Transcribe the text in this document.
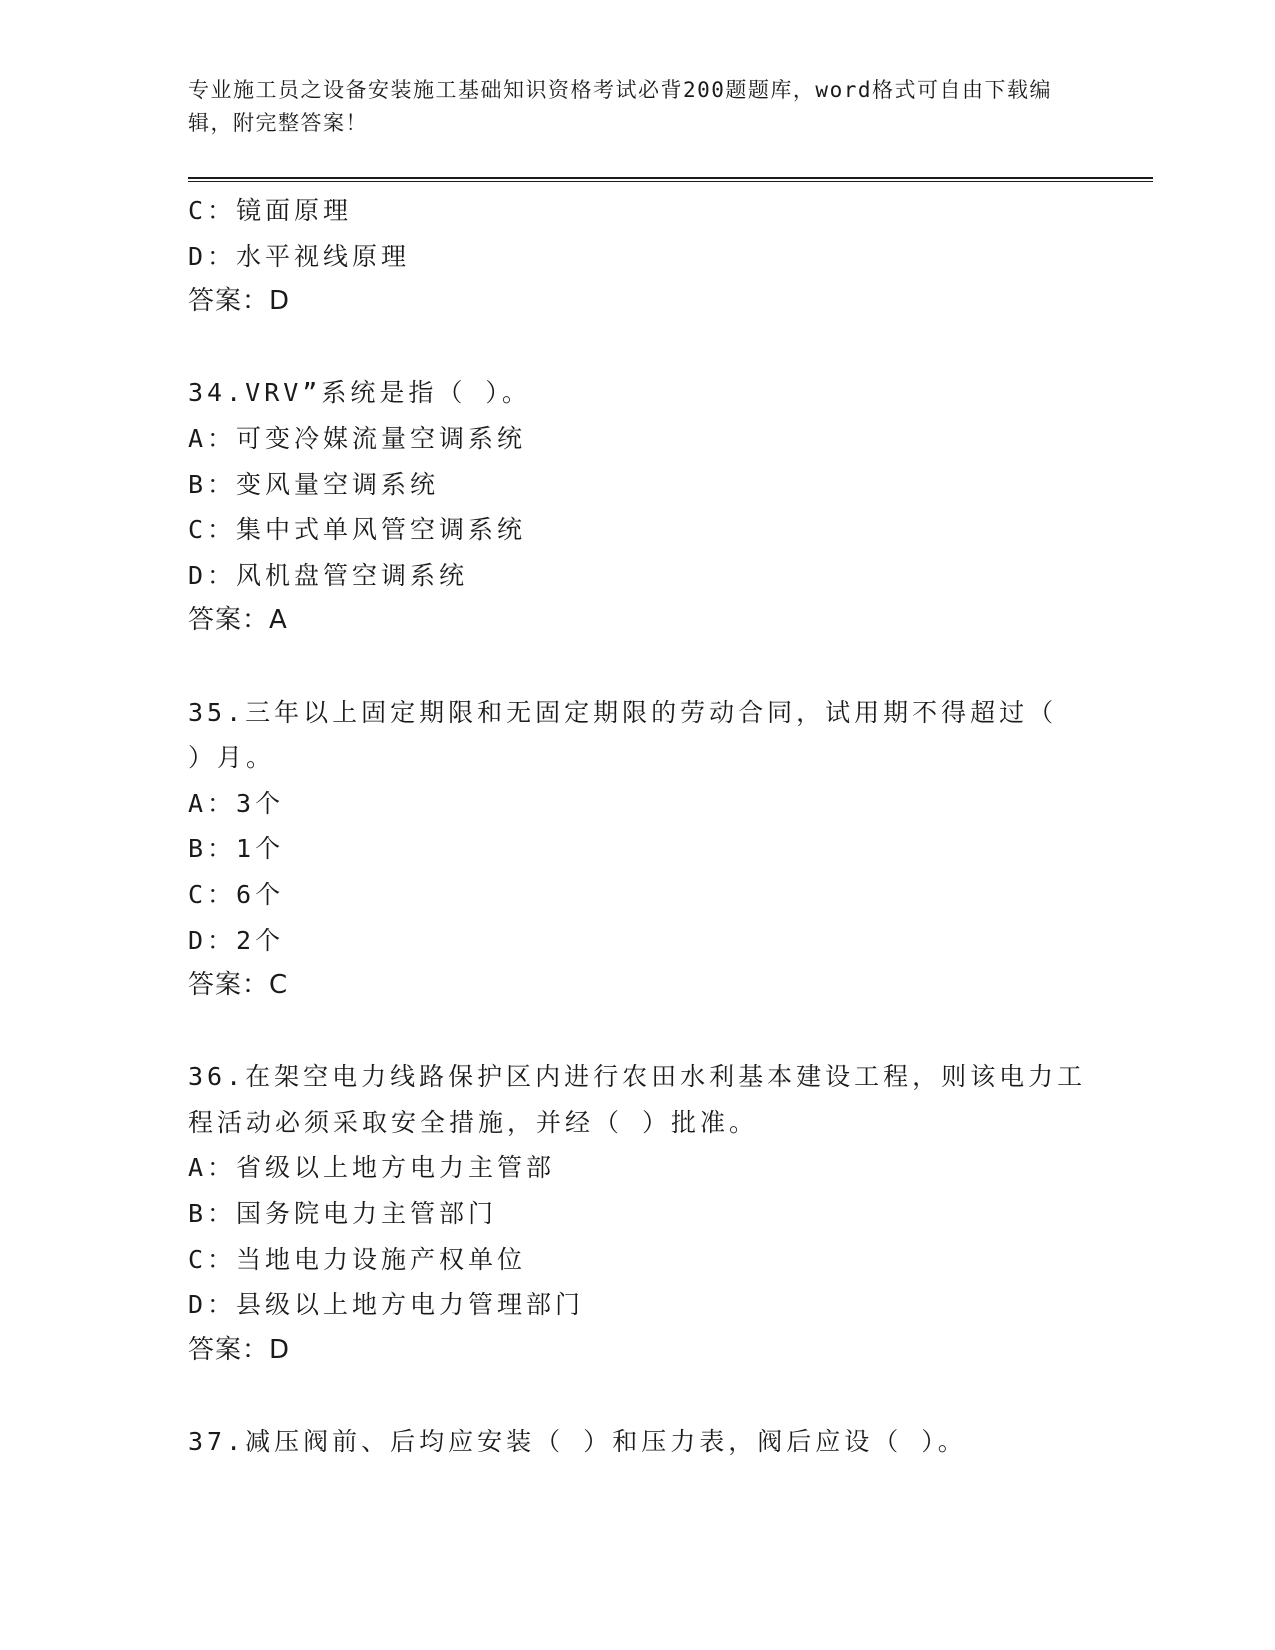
专业施工员之设备安装施工基础知识资格考试必背200题题库，word格式可自由下载编辑，附完整答案！
C：镜面原理
D：水平视线原理
答案：D
34.VRV”系统是指（ ）。
A：可变冷媒流量空调系统
B：变风量空调系统
C：集中式单风管空调系统
D：风机盘管空调系统
答案：A
35.三年以上固定期限和无固定期限的劳动合同，试用期不得超过（ ）月。
A：3个
B：1个
C：6个
D：2个
答案：C
36.在架空电力线路保护区内进行农田水利基本建设工程，则该电力工程活动必须采取安全措施，并经（ ）批准。
A：省级以上地方电力主管部
B：国务院电力主管部门
C：当地电力设施产权单位
D：县级以上地方电力管理部门
答案：D
37.减压阀前、后均应安装（ ）和压力表，阀后应设（ ）。
